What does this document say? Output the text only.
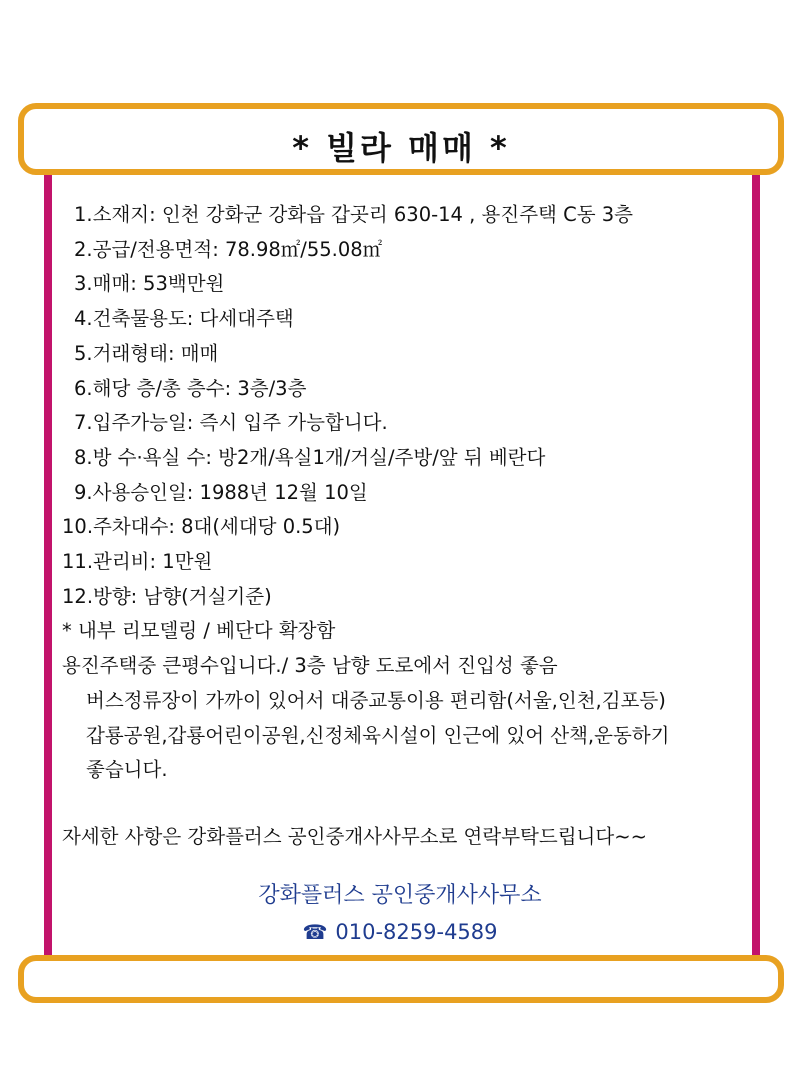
* 빌라 매매 *
1.소재지: 인천 강화군 강화읍 갑곳리 630-14 , 용진주택 C동 3층
2.공급/전용면적: 78.98㎡/55.08㎡
3.매매: 53백만원
4.건축물용도: 다세대주택
5.거래형태: 매매
6.해당 층/총 층수: 3층/3층
7.입주가능일: 즉시 입주 가능합니다.
8.방 수·욕실 수: 방2개/욕실1개/거실/주방/앞 뒤 베란다
9.사용승인일: 1988년 12월 10일
10.주차대수: 8대(세대당 0.5대)
11.관리비: 1만원
12.방향: 남향(거실기준)
* 내부 리모델링 / 베단다 확장함
용진주택중 큰평수입니다./ 3층 남향 도로에서 진입성 좋음
버스정류장이 가까이 있어서 대중교통이용 편리함(서울,인천,김포등)
갑룡공원,갑룡어린이공원,신정체육시설이 인근에 있어 산책,운동하기
좋습니다.
자세한 사항은 강화플러스 공인중개사사무소로 연락부탁드립니다~~
강화플러스 공인중개사사무소
☎ 010-8259-4589
